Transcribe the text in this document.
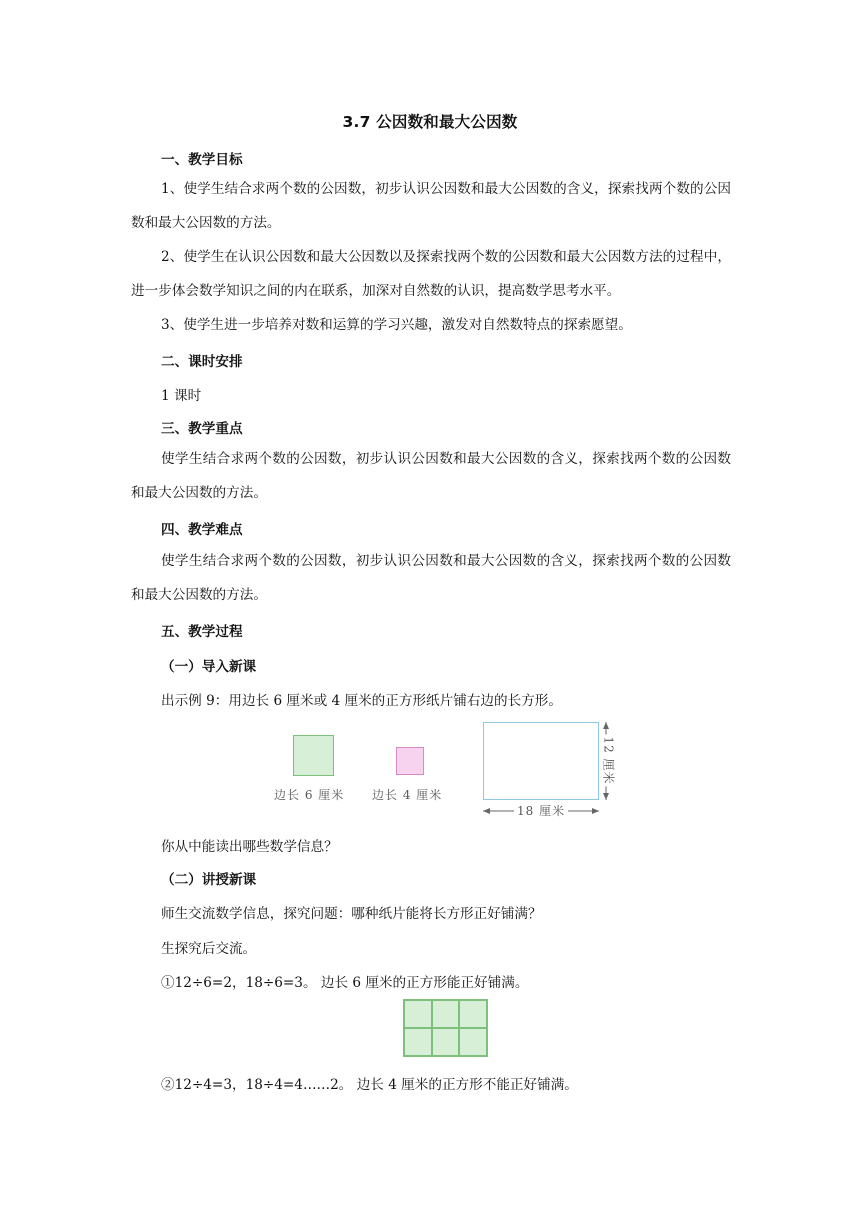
3.7 公因数和最大公因数
一、教学目标
1、使学生结合求两个数的公因数，初步认识公因数和最大公因数的含义，探索找两个数的公因数和最大公因数的方法。
2、使学生在认识公因数和最大公因数以及探索找两个数的公因数和最大公因数方法的过程中，进一步体会数学知识之间的内在联系，加深对自然数的认识，提高数学思考水平。
3、使学生进一步培养对数和运算的学习兴趣，激发对自然数特点的探索愿望。
二、课时安排
1 课时
三、教学重点
使学生结合求两个数的公因数，初步认识公因数和最大公因数的含义，探索找两个数的公因数和最大公因数的方法。
四、教学难点
使学生结合求两个数的公因数，初步认识公因数和最大公因数的含义，探索找两个数的公因数和最大公因数的方法。
五、教学过程
（一）导入新课
出示例 9：用边长 6 厘米或 4 厘米的正方形纸片铺右边的长方形。
边长 6 厘米 边长 4 厘米
18 厘米
12 厘米
你从中能读出哪些数学信息？
（二）讲授新课
师生交流数学信息，探究问题：哪种纸片能将长方形正好铺满？
生探究后交流。
①12÷6=2，18÷6=3。 边长 6 厘米的正方形能正好铺满。
②12÷4=3，18÷4=4……2。 边长 4 厘米的正方形不能正好铺满。
